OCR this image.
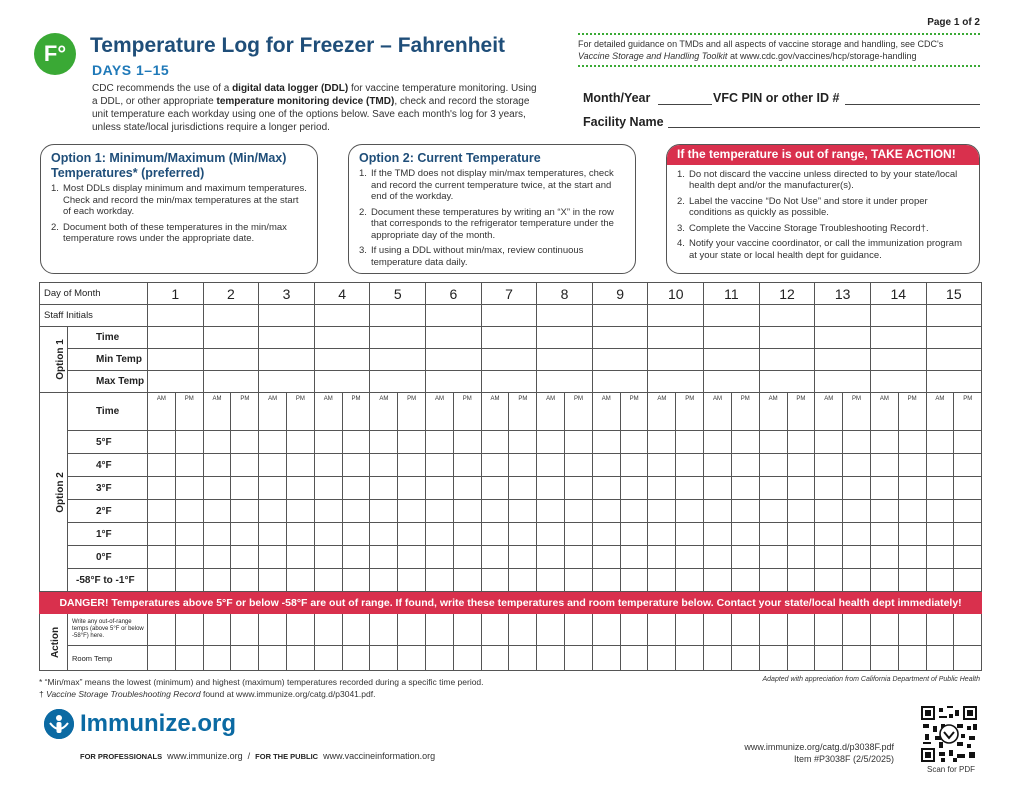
F°	Temperature Log for Freezer – Fahrenheit
DAYS 1–15
CDC recommends the use of a digital data logger (DDL) for vaccine temperature monitoring. Using a DDL, or other appropriate temperature monitoring device (TMD), check and record the storage unit temperature each workday using one of the options below. Save each month's log for 3 years, unless state/local jurisdictions require a longer period.
Page 1 of 2
For detailed guidance on TMDs and all aspects of vaccine storage and handling, see CDC's
Vaccine Storage and Handling Toolkit at www.cdc.gov/vaccines/hcp/storage-handling
Month/Year	VFC PIN or other ID #
Facility Name
Option 1: Minimum/Maximum (Min/Max) Temperatures* (preferred)
1. Most DDLs display minimum and maximum temperatures. Check and record the min/max temperatures at the start of each workday.
2. Document both of these temperatures in the min/max temperature rows under the appropriate date.
Option 2: Current Temperature
1. If the TMD does not display min/max temperatures, check and record the current temperature twice, at the start and end of the workday.
2. Document these temperatures by writing an “X” in the row that corresponds to the refrigerator temperature under the appropriate day of the month.
3. If using a DDL without min/max, review continuous temperature data daily.
If the temperature is out of range, TAKE ACTION!
1. Do not discard the vaccine unless directed to by your state/local health dept and/or the manufacturer(s).
2. Label the vaccine “Do Not Use” and store it under proper conditions as quickly as possible.
3. Complete the Vaccine Storage Troubleshooting Record†.
4. Notify your vaccine coordinator, or call the immunization program at your state or local health dept for guidance.
Day of Month		1		2		3		4		5		6		7		8		9		10		11		12		13		14		15	
Staff Initials																															
Option 1	Time																														
	Min Temp																														
	Max Temp																														
Option 2	Time	AM	PM	AM	PM	AM	PM	AM	PM	AM	PM	AM	PM	AM	PM	AM	PM	AM	PM	AM	PM	AM	PM	AM	PM	AM	PM	AM	PM	AM	PM
	5°F																														
	4°F																														
	3°F																														
	2°F																														
	1°F																														
	0°F																														
	-58°F to -1°F																														
DANGER! Temperatures above 5°F or below -58°F are out of range. If found, write these temperatures and room temperature below. Contact your state/local health dept immediately!																															
Action	Write any out-of-range temps (above 5°F or below -58°F) here.																														
	Room Temp																														
* “Min/max” means the lowest (minimum) and highest (maximum) temperatures recorded during a specific time period.
† Vaccine Storage Troubleshooting Record found at www.immunize.org/catg.d/p3041.pdf.
Adapted with appreciation from California Department of Public Health
Immunize.org
FOR PROFESSIONALS www.immunize.org  /  FOR THE PUBLIC www.vaccineinformation.org
www.immunize.org/catg.d/p3038F.pdf
Item #P3038F (2/5/2025)
Scan for PDF
